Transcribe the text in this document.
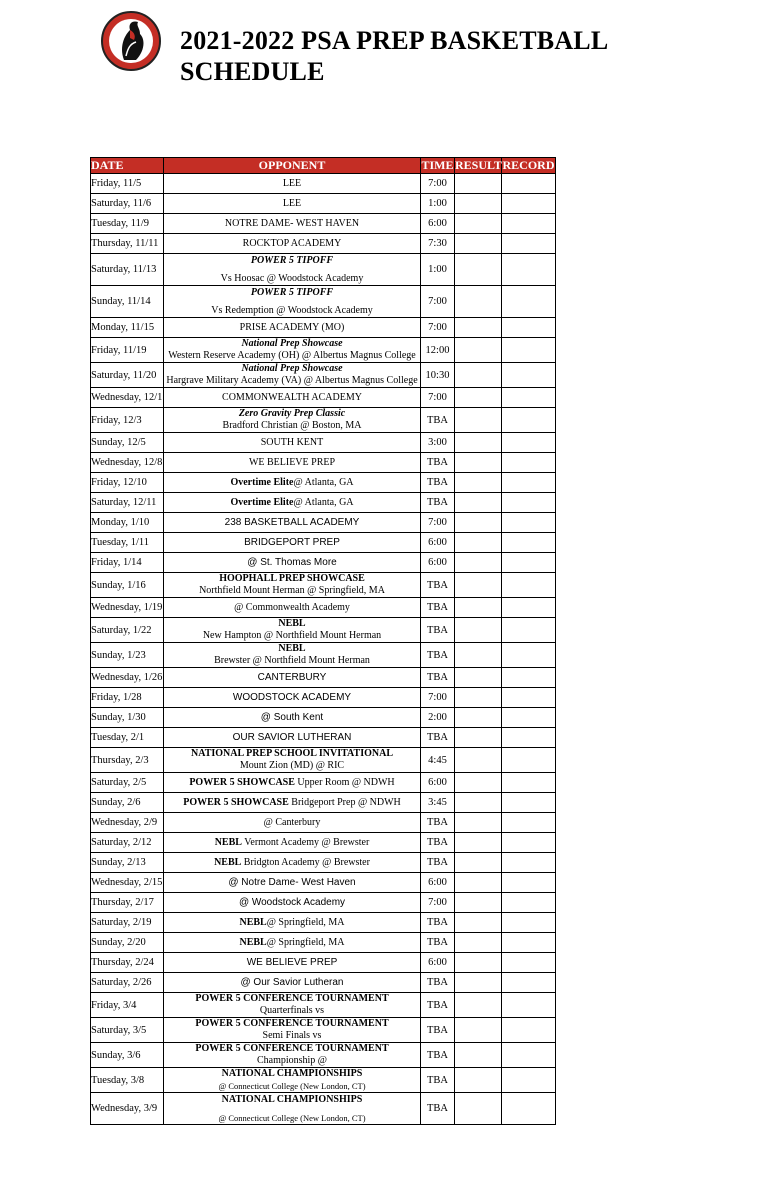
2021-2022 PSA PREP BASKETBALL
SCHEDULE
DATE	OPPONENT	TIME	RESULT	RECORD
Friday, 11/5	LEE	7:00		
Saturday, 11/6	LEE	1:00		
Tuesday, 11/9	NOTRE DAME- WEST HAVEN	6:00		
Thursday, 11/11	ROCKTOP ACADEMY	7:30		
Saturday, 11/13	POWER 5 TIPOFF
Vs Hoosac @ Woodstock Academy	1:00		
Sunday, 11/14	POWER 5 TIPOFF
Vs Redemption @ Woodstock Academy	7:00		
Monday, 11/15	PRISE ACADEMY (MO)	7:00		
Friday, 11/19	National Prep Showcase
Western Reserve Academy (OH) @ Albertus Magnus College	12:00		
Saturday, 11/20	National Prep Showcase
Hargrave Military Academy (VA) @ Albertus Magnus College	10:30		
Wednesday, 12/1	COMMONWEALTH ACADEMY	7:00		
Friday, 12/3	Zero Gravity Prep Classic
Bradford Christian @ Boston, MA	TBA		
Sunday, 12/5	SOUTH KENT	3:00		
Wednesday, 12/8	WE BELIEVE PREP	TBA		
Friday, 12/10	Overtime Elite@ Atlanta, GA	TBA		
Saturday, 12/11	Overtime Elite@ Atlanta, GA	TBA		
Monday, 1/10	238 BASKETBALL ACADEMY	7:00		
Tuesday, 1/11	BRIDGEPORT PREP	6:00		
Friday, 1/14	@ St. Thomas More	6:00		
Sunday, 1/16	HOOPHALL PREP SHOWCASE
Northfield Mount Herman @ Springfield, MA	TBA		
Wednesday, 1/19	@ Commonwealth Academy	TBA		
Saturday, 1/22	NEBL
New Hampton @ Northfield Mount Herman	TBA		
Sunday, 1/23	NEBL
Brewster @ Northfield Mount Herman	TBA		
Wednesday, 1/26	CANTERBURY	TBA		
Friday, 1/28	WOODSTOCK ACADEMY	7:00		
Sunday, 1/30	@ South Kent	2:00		
Tuesday, 2/1	OUR SAVIOR LUTHERAN	TBA		
Thursday, 2/3	NATIONAL PREP SCHOOL INVITATIONAL
Mount Zion (MD) @ RIC	4:45		
Saturday, 2/5	POWER 5 SHOWCASE Upper Room @ NDWH	6:00		
Sunday, 2/6	POWER 5 SHOWCASE Bridgeport Prep @ NDWH	3:45		
Wednesday, 2/9	@ Canterbury	TBA		
Saturday, 2/12	NEBL Vermont Academy @ Brewster	TBA		
Sunday, 2/13	NEBL Bridgton Academy @ Brewster	TBA		
Wednesday, 2/15	@ Notre Dame- West Haven	6:00		
Thursday, 2/17	@ Woodstock Academy	7:00		
Saturday, 2/19	NEBL@ Springfield, MA	TBA		
Sunday, 2/20	NEBL@ Springfield, MA	TBA		
Thursday, 2/24	WE BELIEVE PREP	6:00		
Saturday, 2/26	@ Our Savior Lutheran	TBA		
Friday, 3/4	POWER 5 CONFERENCE TOURNAMENT
Quarterfinals vs	TBA		
Saturday, 3/5	POWER 5 CONFERENCE TOURNAMENT
Semi Finals vs	TBA		
Sunday, 3/6	POWER 5 CONFERENCE TOURNAMENT
Championship @	TBA		
Tuesday, 3/8	NATIONAL CHAMPIONSHIPS
@ Connecticut College (New London, CT)	TBA		
Wednesday, 3/9	NATIONAL CHAMPIONSHIPS
@ Connecticut College (New London, CT)	TBA		
